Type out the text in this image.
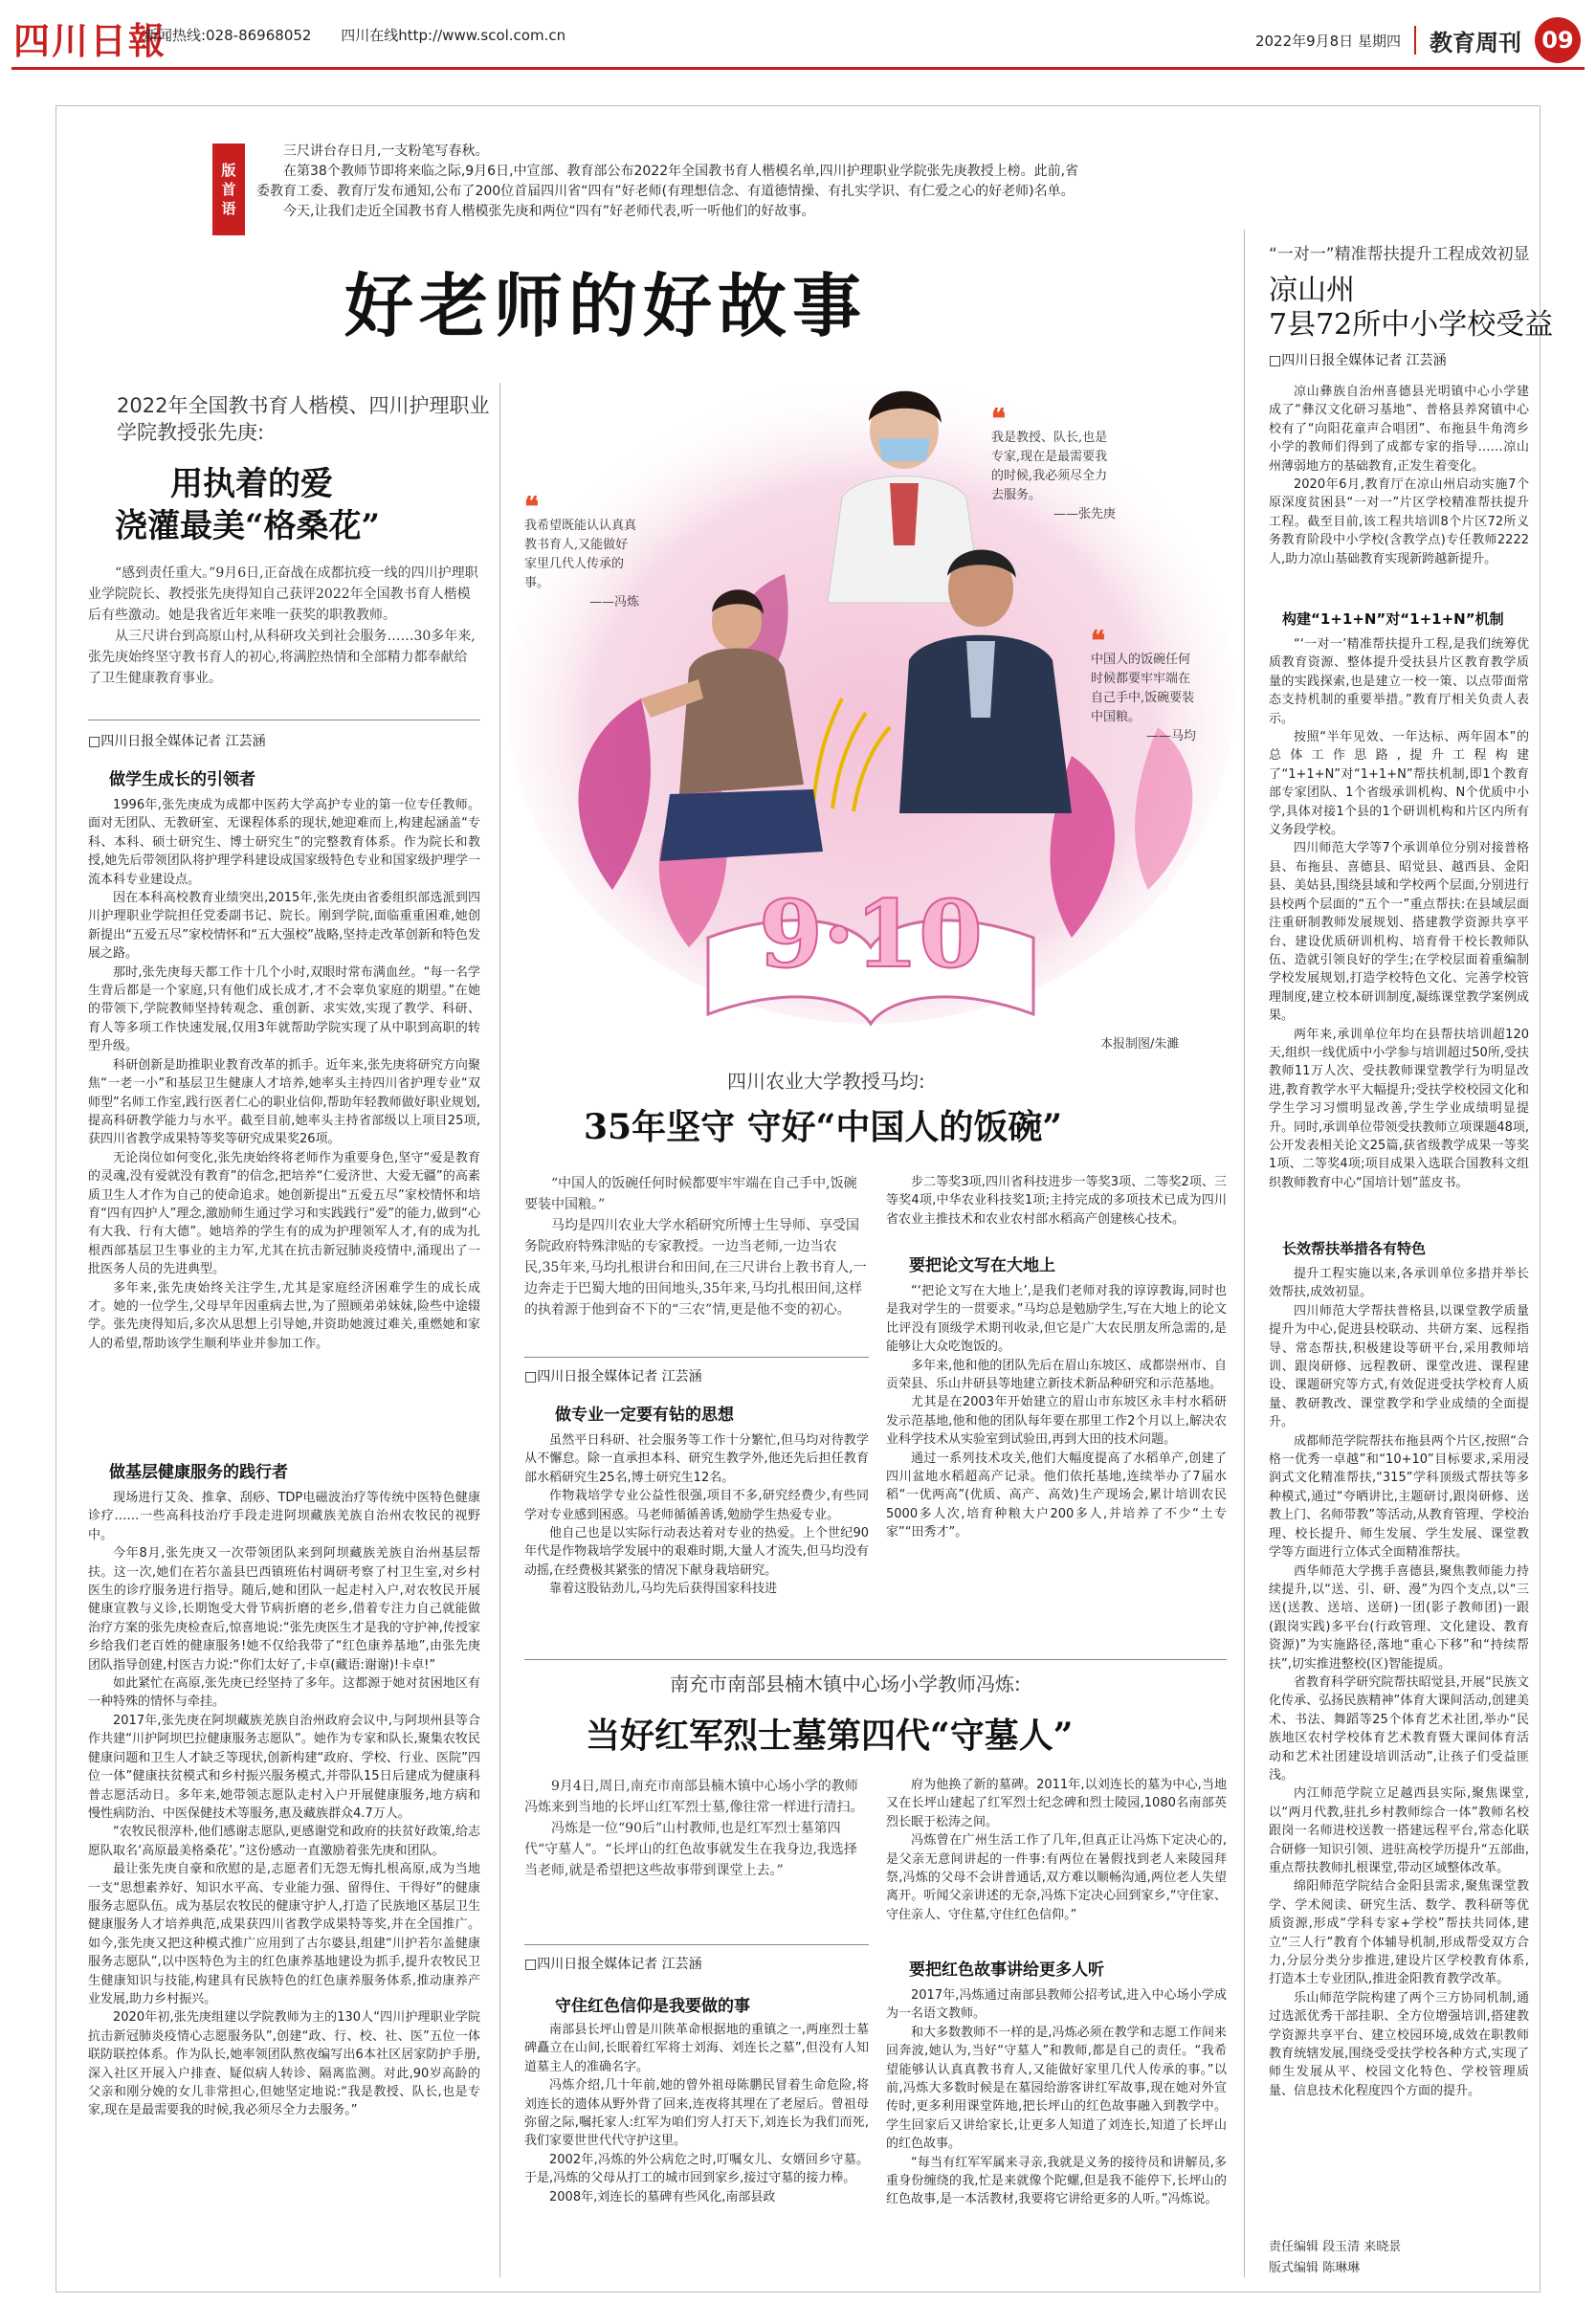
四川日報
新闻热线:028-86968052 四川在线http://www.scol.com.cn	2022年9月8日 星期四 教育周刊 09
版
首
语

三尺讲台存日月,一支粉笔写春秋。

在第38个教师节即将来临之际,9月6日,中宣部、教育部公布2022年全国教书育人楷模名单,四川护理职业学院张先庚教授上榜。此前,省委教育工委、教育厅发布通知,公布了200位首届四川省“四有”好老师(有理想信念、有道德情操、有扎实学识、有仁爱之心的好老师)名单。

今天,让我们走近全国教书育人楷模张先庚和两位“四有”好老师代表,听一听他们的好故事。

好老师的好故事
9·10
本报制图/朱濉
❝
我希望既能认认真真教书育人,又能做好家里几代人传承的事。
——冯炼
❝
我是教授、队长,也是专家,现在是最需要我的时候,我必须尽全力去服务。
——张先庚
❝
中国人的饭碗任何时候都要牢牢端在自己手中,饭碗要装中国粮。
——马均
2022年全国教书育人楷模、四川护理职业学院教授张先庚:
用执着的爱
浇灌最美“格桑花”

“感到责任重大。”9月6日,正奋战在成都抗疫一线的四川护理职业学院院长、教授张先庚得知自己获评2022年全国教书育人楷模后有些激动。她是我省近年来唯一获奖的职教教师。

从三尺讲台到高原山村,从科研攻关到社会服务……30多年来,张先庚始终坚守教书育人的初心,将满腔热情和全部精力都奉献给了卫生健康教育事业。

□四川日报全媒体记者 江芸涵
做学生成长的引领者

1996年,张先庚成为成都中医药大学高护专业的第一位专任教师。面对无团队、无教研室、无课程体系的现状,她迎难而上,构建起涵盖“专科、本科、硕士研究生、博士研究生”的完整教育体系。作为院长和教授,她先后带领团队将护理学科建设成国家级特色专业和国家级护理学一流本科专业建设点。

因在本科高校教育业绩突出,2015年,张先庚由省委组织部选派到四川护理职业学院担任党委副书记、院长。刚到学院,面临重重困难,她创新提出“五爱五尽”家校情怀和“五大强校”战略,坚持走改革创新和特色发展之路。

那时,张先庚每天都工作十几个小时,双眼时常布满血丝。“每一名学生背后都是一个家庭,只有他们成长成才,才不会辜负家庭的期望。”在她的带领下,学院教师坚持转观念、重创新、求实效,实现了教学、科研、育人等多项工作快速发展,仅用3年就帮助学院实现了从中职到高职的转型升级。

科研创新是助推职业教育改革的抓手。近年来,张先庚将研究方向聚焦“一老一小”和基层卫生健康人才培养,她率头主持四川省护理专业“双师型”名师工作室,践行医者仁心的职业信仰,帮助年轻教师做好职业规划,提高科研教学能力与水平。截至目前,她率头主持省部级以上项目25项,获四川省教学成果特等奖等研究成果奖26项。

无论岗位如何变化,张先庚始终将老师作为重要身色,坚守“爱是教育的灵魂,没有爱就没有教育”的信念,把培养“仁爱济世、大爱无疆”的高素质卫生人才作为自己的使命追求。她创新提出“五爱五尽”家校情怀和培育“四有四护人”理念,激励师生通过学习和实践践行“爱”的能力,做到“心有大我、行有大德”。她培养的学生有的成为护理领军人才,有的成为扎根西部基层卫生事业的主力军,尤其在抗击新冠肺炎疫情中,涌现出了一批医务人员的先进典型。

多年来,张先庚始终关注学生,尤其是家庭经济困难学生的成长成才。她的一位学生,父母早年因重病去世,为了照顾弟弟妹妹,险些中途辍学。张先庚得知后,多次从思想上引导她,并资助她渡过难关,重燃她和家人的希望,帮助该学生顺利毕业并参加工作。

做基层健康服务的践行者

现场进行艾灸、推拿、刮痧、TDP电磁波治疗等传统中医特色健康诊疗……一些高科技治疗手段走进阿坝藏族羌族自治州农牧民的视野中。

今年8月,张先庚又一次带领团队来到阿坝藏族羌族自治州基层帮扶。这一次,她们在若尔盖县巴西镇班佑村调研考察了村卫生室,对乡村医生的诊疗服务进行指导。随后,她和团队一起走村入户,对农牧民开展健康宣教与义诊,长期饱受大骨节病折磨的老乡,借着专注力自己就能做治疗方案的张先庚检查后,惊喜地说:“张先庚医生才是我的守护神,传授家乡给我们老百姓的健康服务!她不仅给我带了“红色康养基地”,由张先庚团队指导创建,村医吉力说:“你们太好了,卡卓(藏语:谢谢)!卡卓!”

如此紧忙在高原,张先庚已经坚持了多年。这都源于她对贫困地区有一种特殊的情怀与牵挂。

2017年,张先庚在阿坝藏族羌族自治州政府会议中,与阿坝州县等合作共建“川护阿坝巴拉健康服务志愿队”。她作为专家和队长,聚集农牧民健康问题和卫生人才缺乏等现状,创新构建“政府、学校、行业、医院”四位一体”健康扶贫模式和乡村振兴服务模式,并带队15日后建成为健康科普志愿活动日。多年来,她带领志愿队走村入户开展健康服务,地方病和慢性病防治、中医保健技术等服务,惠及藏族群众4.7万人。

“农牧民很淳朴,他们感谢志愿队,更感谢党和政府的扶贫好政策,给志愿队取名‘高原最美格桑花’。”这份感动一直激励着张先庚和团队。

最让张先庚自豪和欣慰的是,志愿者们无怨无悔扎根高原,成为当地一支“思想素养好、知识水平高、专业能力强、留得住、干得好”的健康服务志愿队伍。成为基层农牧民的健康守护人,打造了民族地区基层卫生健康服务人才培养典范,成果获四川省教学成果特等奖,并在全国推广。如今,张先庚又把这种模式推广应用到了古尔婆县,组建“川护若尔盖健康服务志愿队”,以中医特色为主的红色康养基地建设为抓手,提升农牧民卫生健康知识与技能,构建具有民族特色的红色康养服务体系,推动康养产业发展,助力乡村振兴。

2020年初,张先庚组建以学院教师为主的130人“四川护理职业学院抗击新冠肺炎疫情心志愿服务队”,创建“政、行、校、社、医”五位一体联防联控体系。作为队长,她率领团队熬夜编写出6本社区居家防护手册,深入社区开展入户排查、疑似病人转诊、隔离监测。对此,90岁高龄的父亲和刚分娩的女儿非常担心,但她坚定地说:“我是教授、队长,也是专家,现在是最需要我的时候,我必须尽全力去服务。”

四川农业大学教授马均:
35年坚守 守好“中国人的饭碗”

“中国人的饭碗任何时候都要牢牢端在自己手中,饭碗要装中国粮。”

马均是四川农业大学水稻研究所博士生导师、享受国务院政府特殊津贴的专家教授。一边当老师,一边当农民,35年来,马均扎根讲台和田间,在三尺讲台上教书育人,一边奔走于巴蜀大地的田间地头,35年来,马均扎根田间,这样的执着源于他到奋不下的“三农”情,更是他不变的初心。

□四川日报全媒体记者 江芸涵
做专业一定要有钻的思想

虽然平日科研、社会服务等工作十分繁忙,但马均对待教学从不懈怠。除一直承担本科、研究生教学外,他还先后担任教育部水稻研究生25名,博士研究生12名。

作物栽培学专业公益性很强,项目不多,研究经费少,有些同学对专业感到困惑。马老师循循善诱,勉励学生热爱专业。

他自己也是以实际行动表达着对专业的热爱。上个世纪90年代是作物栽培学发展中的艰难时期,大量人才流失,但马均没有动摇,在经费极其紧张的情况下献身栽培研究。

靠着这股钻劲儿,马均先后获得国家科技进

步二等奖3项,四川省科技进步一等奖3项、二等奖2项、三等奖4项,中华农业科技奖1项;主持完成的多项技术已成为四川省农业主推技术和农业农村部水稻高产创建核心技术。

要把论文写在大地上

“‘把论文写在大地上’,是我们老师对我的谆谆教诲,同时也是我对学生的一贯要求。”马均总是勉励学生,写在大地上的论文比评没有顶级学术期刊收录,但它是广大农民朋友所急需的,是能够让大众吃饱饭的。

多年来,他和他的团队先后在眉山东坡区、成都崇州市、自贡荣县、乐山井研县等地建立新技术新品种研究和示范基地。

尤其是在2003年开始建立的眉山市东坡区永丰村水稻研发示范基地,他和他的团队每年要在那里工作2个月以上,解决农业科学技术从实验室到试验田,再到大田的技术问题。

通过一系列技术攻关,他们大幅度提高了水稻单产,创建了四川盆地水稻超高产记录。他们依托基地,连续举办了7届水稻“一优两高”(优质、高产、高效)生产现场会,累计培训农民5000多人次,培育种粮大户200多人,并培养了不少“土专家”“田秀才”。

南充市南部县楠木镇中心场小学教师冯炼:
当好红军烈士墓第四代“守墓人”

9月4日,周日,南充市南部县楠木镇中心场小学的教师冯炼来到当地的长坪山红军烈士墓,像往常一样进行清扫。

冯炼是一位“90后”山村教师,也是红军烈士墓第四代“守墓人”。“长坪山的红色故事就发生在我身边,我选择当老师,就是希望把这些故事带到课堂上去。”

□四川日报全媒体记者 江芸涵
守住红色信仰是我要做的事

南部县长坪山曾是川陕革命根据地的重镇之一,两座烈士墓碑矗立在山间,长眠着红军将士刘海、刘连长之墓”,但没有人知道墓主人的准确名字。

冯炼介绍,几十年前,她的曾外祖母陈鹏民冒着生命危险,将刘连长的遗体从野外背了回来,连夜将其埋在了老屋后。曾祖母弥留之际,嘱托家人:红军为咱们穷人打天下,刘连长为我们而死,我们家要世世代代守护这里。

2002年,冯炼的外公病危之时,叮嘱女儿、女婿回乡守墓。于是,冯炼的父母从打工的城市回到家乡,接过守墓的接力棒。

2008年,刘连长的墓碑有些风化,南部县政

府为他换了新的墓碑。2011年,以刘连长的墓为中心,当地又在长坪山建起了红军烈士纪念碑和烈士陵园,1080名南部英烈长眠于松涛之间。

冯炼曾在广州生活工作了几年,但真正让冯炼下定决心的,是父亲无意间讲起的一件事:有两位在暑假找到老人来陵园拜祭,冯炼的父母不会讲普通话,双方难以顺畅沟通,两位老人失望离开。听闻父亲讲述的无奈,冯炼下定决心回到家乡,“守住家、守住亲人、守住墓,守住红色信仰。”

要把红色故事讲给更多人听

2017年,冯炼通过南部县教师公招考试,进入中心场小学成为一名语文教师。

和大多数教师不一样的是,冯炼必须在教学和志愿工作间来回奔波,她认为,当好“守墓人”和教师,都是自己的责任。“我希望能够认认真真教书育人,又能做好家里几代人传承的事。”以前,冯炼大多数时候是在墓园给游客讲红军故事,现在她对外宣传时,更多利用课堂阵地,把长坪山的红色故事融入到教学中。学生回家后又讲给家长,让更多人知道了刘连长,知道了长坪山的红色故事。

“每当有红军军属来寻亲,我就是义务的接待员和讲解员,多重身份缠绕的我,忙是来就像个陀螺,但是我不能停下,长坪山的红色故事,是一本活教材,我要将它讲给更多的人听。”冯炼说。

“一对一”精准帮扶提升工程成效初显
凉山州
7县72所中小学校受益
□四川日报全媒体记者 江芸涵

凉山彝族自治州喜德县光明镇中心小学建成了“彝汉文化研习基地”、普格县养窝镇中心校有了“向阳花童声合唱团”、布拖县牛角湾乡小学的教师们得到了成都专家的指导……凉山州薄弱地方的基础教育,正发生着变化。

2020年6月,教育厅在凉山州启动实施7个原深度贫困县“一对一”片区学校精准帮扶提升工程。截至目前,该工程共培训8个片区72所义务教育阶段中小学校(含教学点)专任教师2222人,助力凉山基础教育实现新跨越新提升。

构建“1+1+N”对“1+1+N”机制

“‘一对一’精准帮扶提升工程,是我们统筹优质教育资源、整体提升受扶县片区教育教学质量的实践探索,也是建立一校一策、以点带面常态支持机制的重要举措。”教育厅相关负责人表示。

按照“半年见效、一年达标、两年固本”的总体工作思路,提升工程构建了“1+1+N”对“1+1+N”帮扶机制,即1个教育部专家团队、1个省级承训机构、N个优质中小学,具体对接1个县的1个研训机构和片区内所有义务段学校。

四川师范大学等7个承训单位分别对接普格县、布拖县、喜德县、昭觉县、越西县、金阳县、美姑县,围绕县域和学校两个层面,分别进行县校两个层面的“五个一”重点帮扶:在县域层面注重研制教师发展规划、搭建教学资源共享平台、建设优质研训机构、培育骨干校长教师队伍、造就引领良好的学生;在学校层面着重编制学校发展规划,打造学校特色文化、完善学校管理制度,建立校本研训制度,凝练课堂教学案例成果。

两年来,承训单位年均在县帮扶培训超120天,组织一线优质中小学参与培训超过50所,受扶教师11万人次、受扶教师课堂教学行为明显改进,教育教学水平大幅提升;受扶学校校园文化和学生学习习惯明显改善,学生学业成绩明显提升。同时,承训单位带领受扶教师立项课题48项,公开发表相关论文25篇,获省级教学成果一等奖1项、二等奖4项;项目成果入选联合国教科文组织教师教育中心“国培计划”蓝皮书。

长效帮扶举措各有特色

提升工程实施以来,各承训单位多措并举长效帮扶,成效初显。

四川师范大学帮扶普格县,以课堂教学质量提升为中心,促进县校联动、共研方案、远程指导、常态帮扶,积极建设等研平台,采用教师培训、跟岗研修、远程教研、课堂改进、课程建设、课题研究等方式,有效促进受扶学校育人质量、教研教改、课堂教学和学业成绩的全面提升。

成都师范学院帮扶布拖县两个片区,按照“合格一优秀一卓越”和“10+10”目标要求,采用浸润式文化精准帮扶,“315”学科顶级式帮扶等多种模式,通过“夸晒讲比,主题研讨,跟岗研修、送教上门、名师带教”等活动,从教育管理、学校治理、校长提升、师生发展、学生发展、课堂教学等方面进行立体式全面精准帮扶。

西华师范大学携手喜德县,聚焦教师能力持续提升,以“送、引、研、漫”为四个支点,以“三送(送教、送培、送研)一团(影子教师团)一跟(跟岗实践)多平台(行政管理、文化建设、教育资源)”为实施路径,落地“重心下移”和“持续帮扶”,切实推进整校(区)智能提质。

省教育科学研究院帮扶昭觉县,开展“民族文化传承、弘扬民族精神”体育大课间活动,创建美术、书法、舞蹈等25个体育艺术社团,举办“民族地区农村学校体育艺术教育暨大课间体育活动和艺术社团建设培训活动”,让孩子们受益匪浅。

内江师范学院立足越西县实际,聚焦课堂,以“两月代教,驻扎乡村教师综合一体”教师名校跟岗一名师进校送教一搭建远程平台,常态化联合研修一知识引领、进驻高校学历提升“五部曲,重点帮扶教师扎根课堂,带动区域整体改革。

绵阳师范学院结合金阳县需求,聚焦课堂教学、学术阅读、研究生活、数学、教科研等优质资源,形成“学科专家+学校”帮扶共同体,建立“三人行”教育个体辅导机制,形成帮受双方合力,分层分类分步推进,建设片区学校教育体系,打造本土专业团队,推进金阳教育教学改革。

乐山师范学院构建了两个三方协同机制,通过选派优秀干部挂职、全方位增强培训,搭建教学资源共享平台、建立校园环境,成效在职教师教育统辖发展,围绕受受扶学校各种方式,实现了师生发展从平、校园文化特色、学校管理质量、信息技术化程度四个方面的提升。

责任编辑 段玉清 来晓景
版式编辑 陈琳琳
